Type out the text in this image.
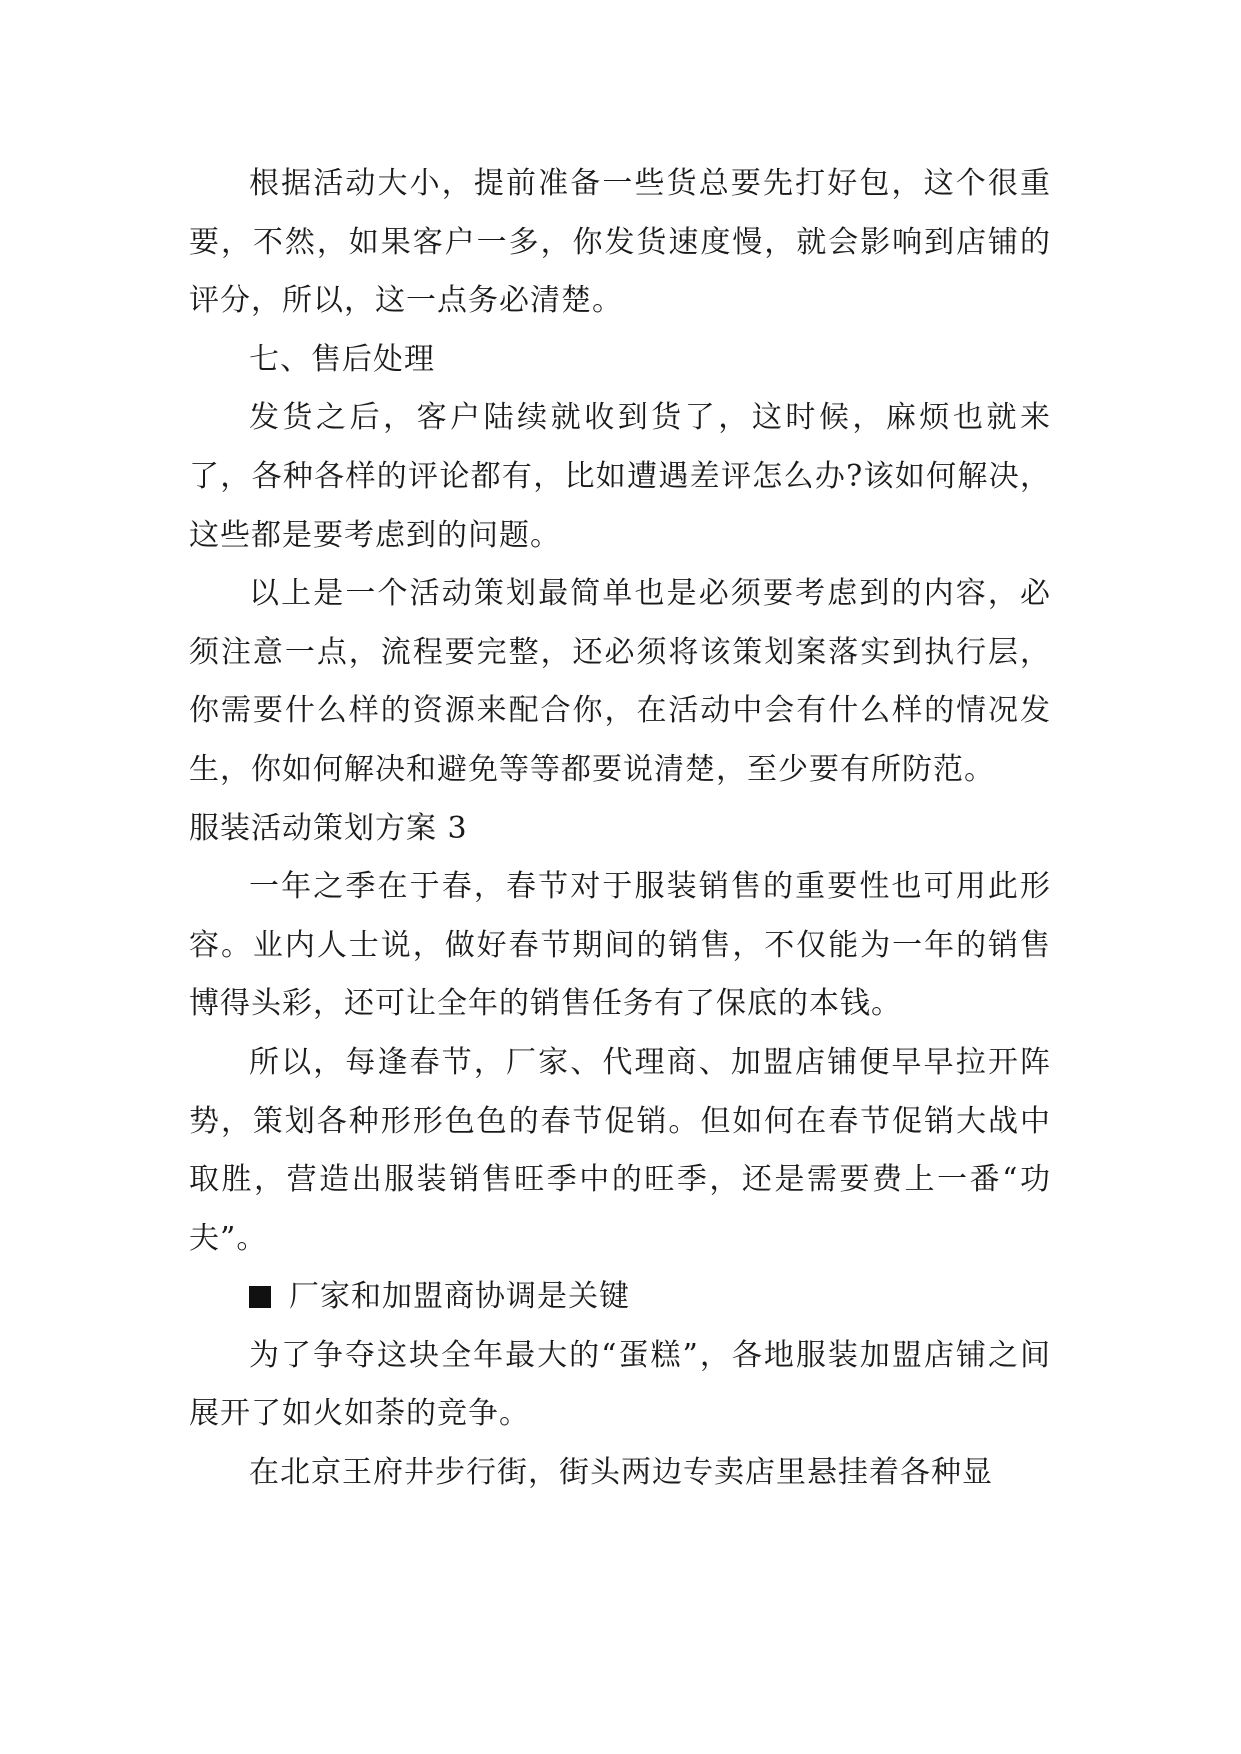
根据活动大小，提前准备一些货总要先打好包，这个很重要，不然，如果客户一多，你发货速度慢，就会影响到店铺的评分，所以，这一点务必清楚。

七、售后处理

发货之后，客户陆续就收到货了，这时候，麻烦也就来了，各种各样的评论都有，比如遭遇差评怎么办?该如何解决，这些都是要考虑到的问题。

以上是一个活动策划最简单也是必须要考虑到的内容，必须注意一点，流程要完整，还必须将该策划案落实到执行层，你需要什么样的资源来配合你，在活动中会有什么样的情况发生，你如何解决和避免等等都要说清楚，至少要有所防范。

服装活动策划方案 3

一年之季在于春，春节对于服装销售的重要性也可用此形容。业内人士说，做好春节期间的销售，不仅能为一年的销售博得头彩，还可让全年的销售任务有了保底的本钱。

所以，每逢春节，厂家、代理商、加盟店铺便早早拉开阵势，策划各种形形色色的春节促销。但如何在春节促销大战中取胜，营造出服装销售旺季中的旺季，还是需要费上一番“功夫”。

厂家和加盟商协调是关键

为了争夺这块全年最大的“蛋糕”，各地服装加盟店铺之间展开了如火如荼的竞争。

在北京王府井步行街，街头两边专卖店里悬挂着各种显
